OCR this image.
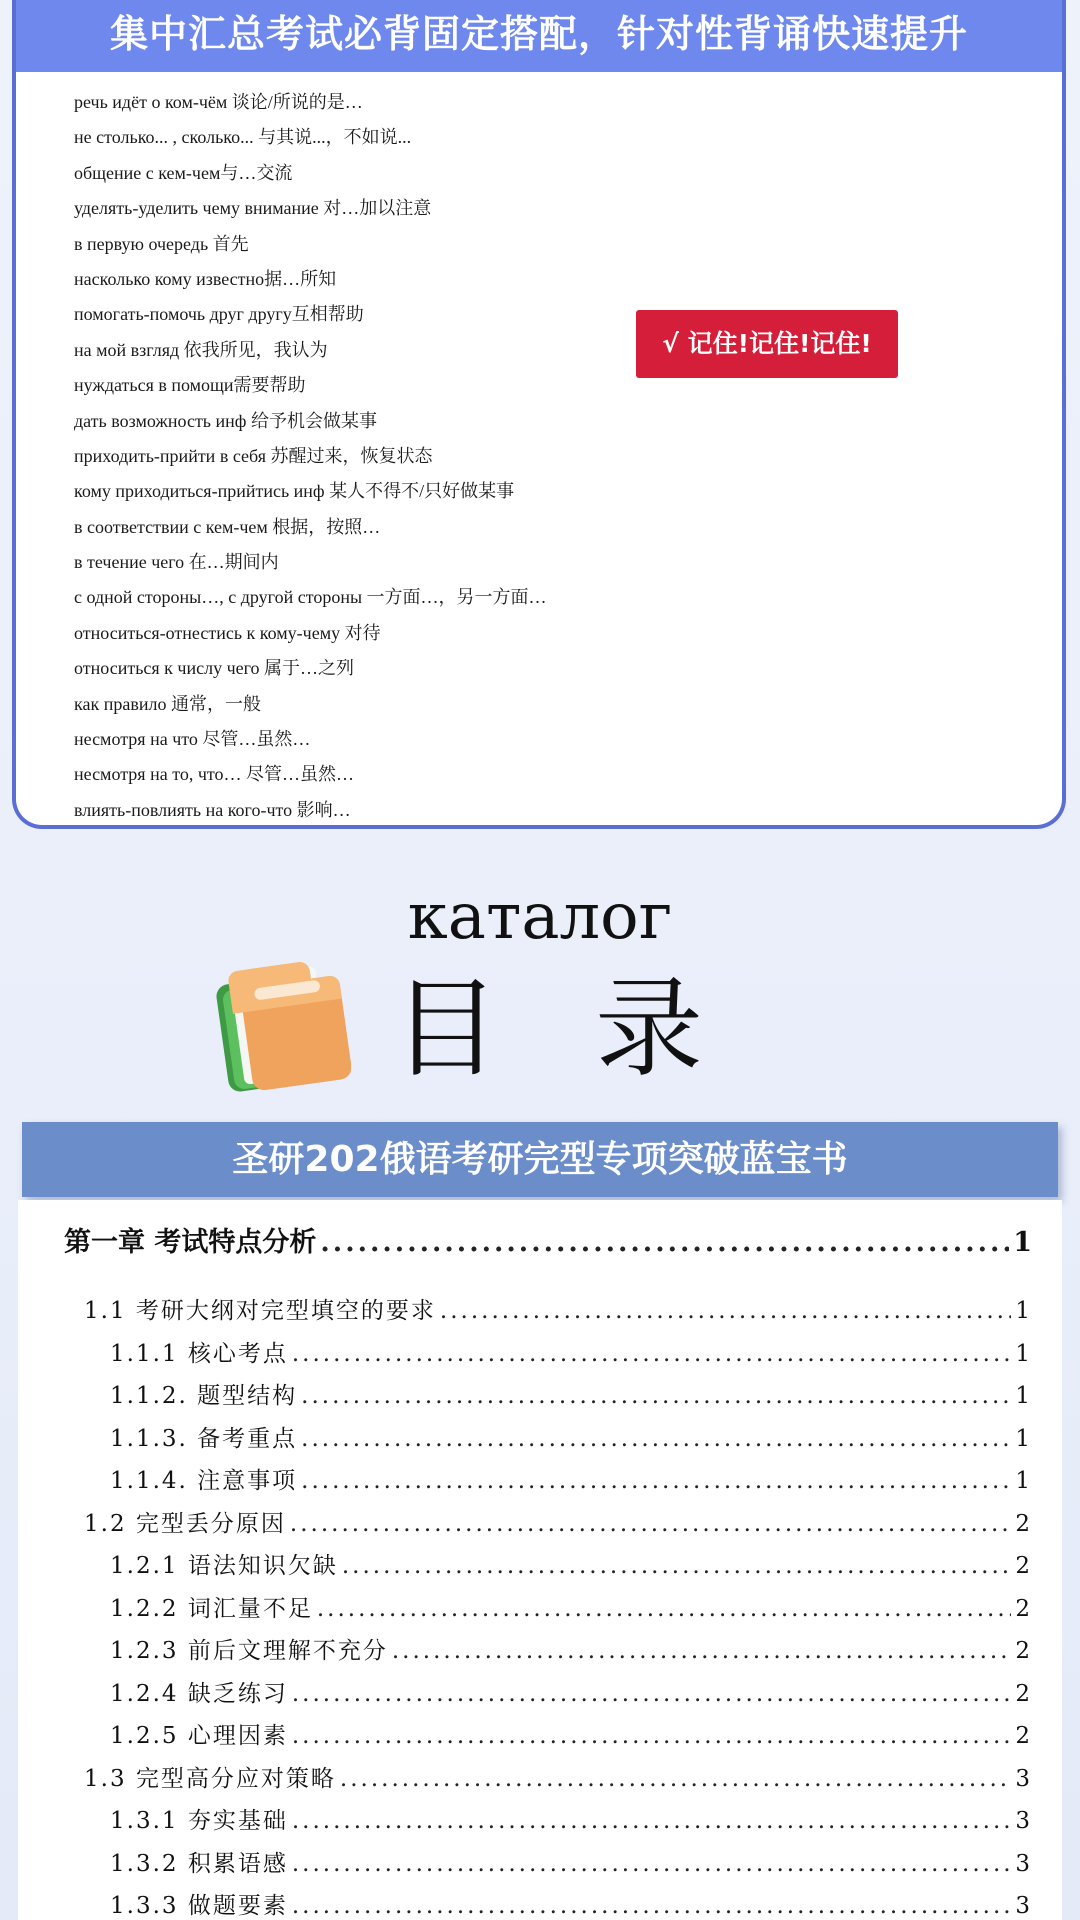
集中汇总考试必背固定搭配，针对性背诵快速提升
речь идёт о ком-чём 谈论/所说的是…
не столько... , сколько... 与其说...，不如说...
общение с кем-чем与…交流
уделять-уделить чему внимание 对…加以注意
в первую очередь 首先
насколько кому известно据…所知
помогать-помочь друг другу互相帮助
на мой взгляд 依我所见，我认为
нуждаться в помощи需要帮助
дать возможность инф 给予机会做某事
приходить-прийти в себя 苏醒过来，恢复状态
кому приходиться-прийтись инф 某人不得不/只好做某事
в соответствии с кем-чем 根据，按照…
в течение чего 在…期间内
с одной стороны…, с другой стороны 一方面…，另一方面…
относиться-отнестись к кому-чему 对待
относиться к числу чего 属于…之列
как правило 通常，一般
несмотря на что 尽管…虽然…
несмотря на то, что… 尽管…虽然…
влиять-повлиять на кого-что 影响…
√ 记住!记住!记住!
каталог
目录
圣研202俄语考研完型专项突破蓝宝书
第一章 考试特点分析 .....	1
1.1 考研大纲对完型填空的要求 .....	1
1.1.1 核心考点 .....	1
1.1.2. 题型结构 .....	1
1.1.3. 备考重点 .....	1
1.1.4. 注意事项 .....	1
1.2 完型丢分原因 .....	2
1.2.1 语法知识欠缺 .....	2
1.2.2 词汇量不足 .....	2
1.2.3 前后文理解不充分 .....	2
1.2.4 缺乏练习 .....	2
1.2.5 心理因素 .....	2
1.3 完型高分应对策略 .....	3
1.3.1 夯实基础 .....	3
1.3.2 积累语感 .....	3
1.3.3 做题要素 .....	3
